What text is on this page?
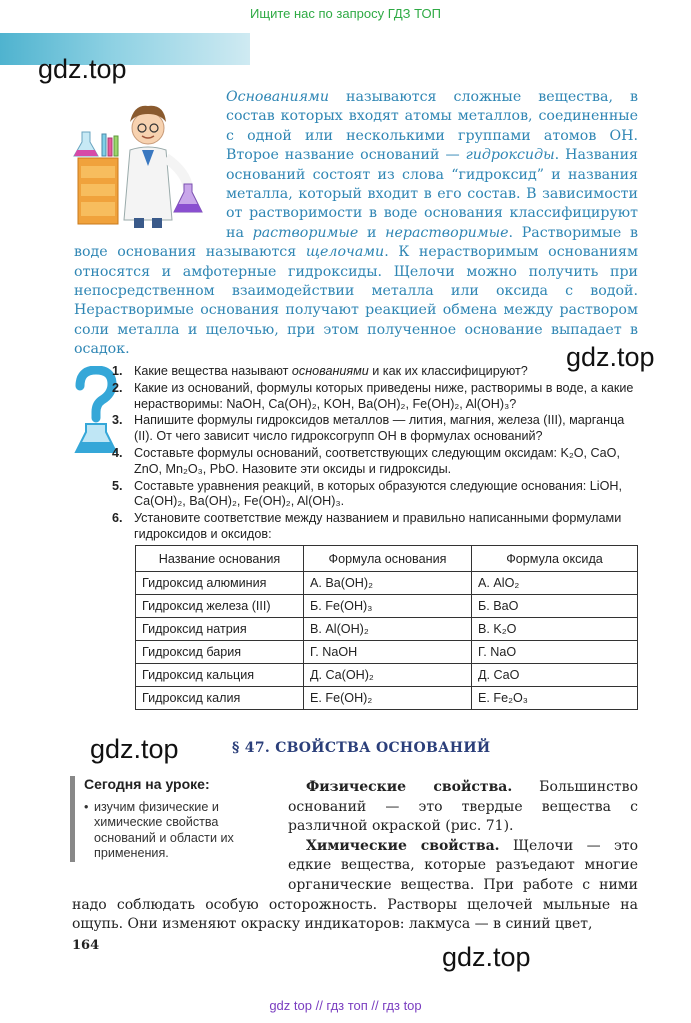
Ищите нас по запросу ГДЗ ТОП
gdz.top
gdz.top
gdz.top
gdz.top

Основаниями называются сложные вещества, в состав которых входят атомы металлов, соединенные с одной или несколькими группами атомов OH. Второе название оснований — гидроксиды. Названия оснований состоят из слова “гидроксид” и названия металла, который входит в его состав. В зависимости от растворимости в воде основания классифицируют на растворимые и нерастворимые. Растворимые в воде основания называются щелочами. К нерастворимым основаниям относятся и амфотерные гидроксиды. Щелочи можно получить при непосредственном взаимодействии металла или оксида с водой. Нерастворимые основания получают реакцией обмена между раствором соли металла и щелочью, при этом полученное основание выпадает в осадок.

1. Какие вещества называют основаниями и как их классифицируют?
2. Какие из оснований, формулы которых приведены ниже, растворимы в воде, а какие нерастворимы: NaOH, Ca(OH)₂, KOH, Ba(OH)₂, Fe(OH)₂, Al(OH)₃?
3. Напишите формулы гидроксидов металлов — лития, магния, железа (III), марганца (II). От чего зависит число гидроксогрупп OH в формулах оснований?
4. Составьте формулы оснований, соответствующих следующим оксидам: K₂O, CaO, ZnO, Mn₂O₃, PbO. Назовите эти оксиды и гидроксиды.
5. Составьте уравнения реакций, в которых образуются следующие основания: LiOH, Ca(OH)₂, Ba(OH)₂, Fe(OH)₂, Al(OH)₃.
6. Установите соответствие между названием и правильно написанными формулами гидроксидов и оксидов:
Название основания	Формула основания	Формула оксида
Гидроксид алюминия	А. Ba(OH)₂	А. AlO₂
Гидроксид железа (III)	Б. Fe(OH)₃	Б. BaO
Гидроксид натрия	В. Al(OH)₂	В. K₂O
Гидроксид бария	Г. NaOH	Г. NaO
Гидроксид кальция	Д. Ca(OH)₂	Д. CaO
Гидроксид калия	Е. Fe(OH)₂	Е. Fe₂O₃
§ 47. СВОЙСТВА ОСНОВАНИЙ
Сегодня на уроке:
• изучим физические и химические свойства оснований и области их применения.

Физические свойства. Большинство оснований — это твердые вещества с различной окраской (рис. 71).

Химические свойства. Щелочи — это едкие вещества, которые разъедают многие органические вещества. При работе с ними надо соблюдать особую осторожность. Растворы щелочей мыльные на ощупь. Они изменяют окраску индикаторов: лакмуса — в синий цвет,

164
gdz top // гдз топ // гдз top
